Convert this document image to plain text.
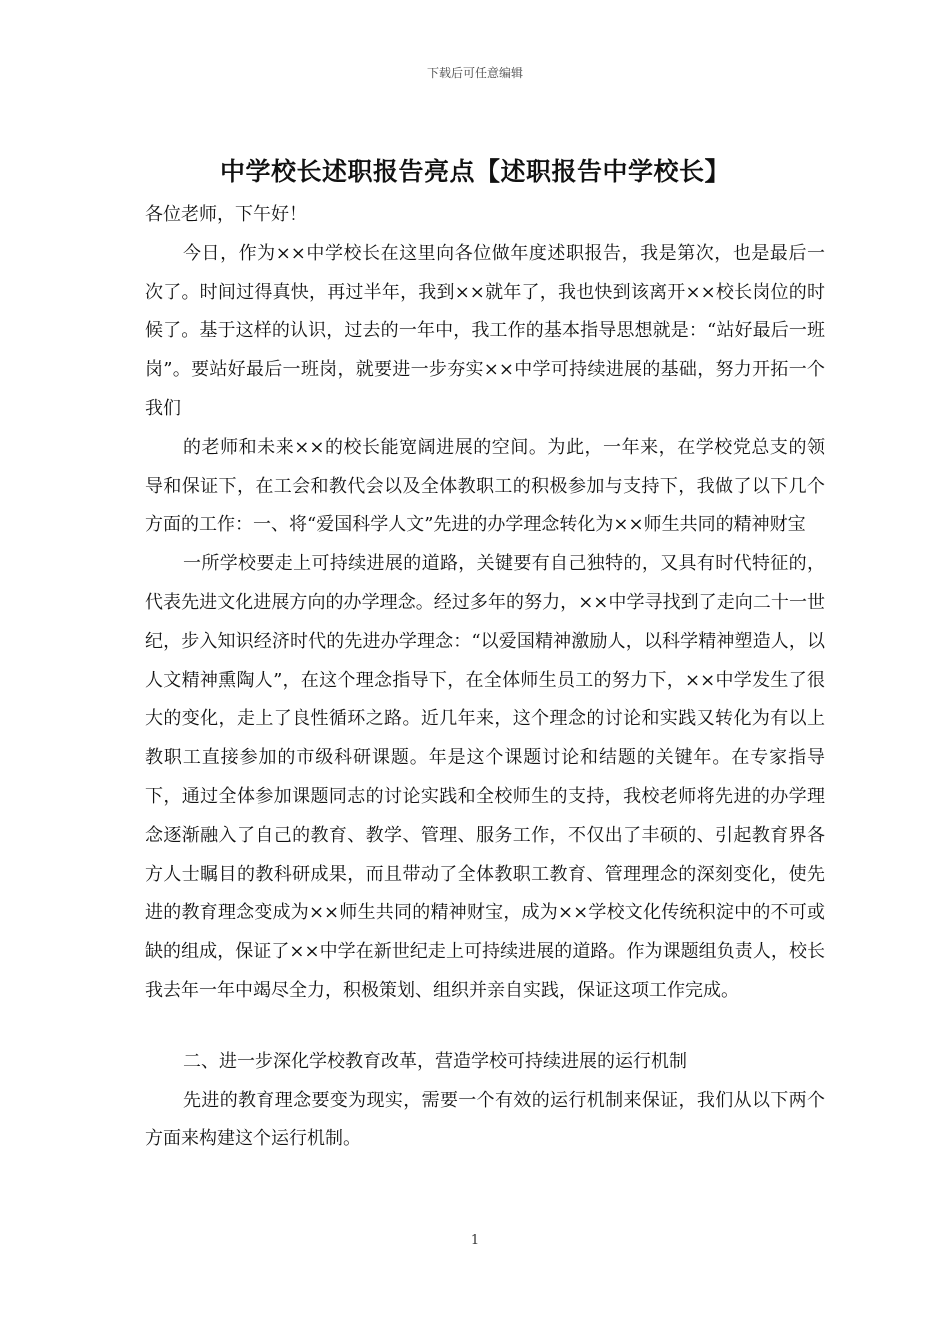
下载后可任意编辑
中学校长述职报告亮点【述职报告中学校长】

各位老师，下午好！

今日，作为××中学校长在这里向各位做年度述职报告，我是第次，也是最后一次了。时间过得真快，再过半年，我到××就年了，我也快到该离开××校长岗位的时候了。基于这样的认识，过去的一年中，我工作的基本指导思想就是：“站好最后一班岗”。要站好最后一班岗，就要进一步夯实××中学可持续进展的基础，努力开拓一个我们

的老师和未来××的校长能宽阔进展的空间。为此，一年来，在学校党总支的领导和保证下，在工会和教代会以及全体教职工的积极参加与支持下，我做了以下几个方面的工作：一、将“爱国科学人文”先进的办学理念转化为××师生共同的精神财宝

一所学校要走上可持续进展的道路，关键要有自己独特的，又具有时代特征的，代表先进文化进展方向的办学理念。经过多年的努力，××中学寻找到了走向二十一世纪，步入知识经济时代的先进办学理念：“以爱国精神激励人，以科学精神塑造人，以人文精神熏陶人”，在这个理念指导下，在全体师生员工的努力下，××中学发生了很大的变化，走上了良性循环之路。近几年来，这个理念的讨论和实践又转化为有以上教职工直接参加的市级科研课题。年是这个课题讨论和结题的关键年。在专家指导下，通过全体参加课题同志的讨论实践和全校师生的支持，我校老师将先进的办学理念逐渐融入了自己的教育、教学、管理、服务工作，不仅出了丰硕的、引起教育界各方人士瞩目的教科研成果，而且带动了全体教职工教育、管理理念的深刻变化，使先进的教育理念变成为××师生共同的精神财宝，成为××学校文化传统积淀中的不可或缺的组成，保证了××中学在新世纪走上可持续进展的道路。作为课题组负责人，校长我去年一年中竭尽全力，积极策划、组织并亲自实践，保证这项工作完成。

二、进一步深化学校教育改革，营造学校可持续进展的运行机制

先进的教育理念要变为现实，需要一个有效的运行机制来保证，我们从以下两个方面来构建这个运行机制。

1
